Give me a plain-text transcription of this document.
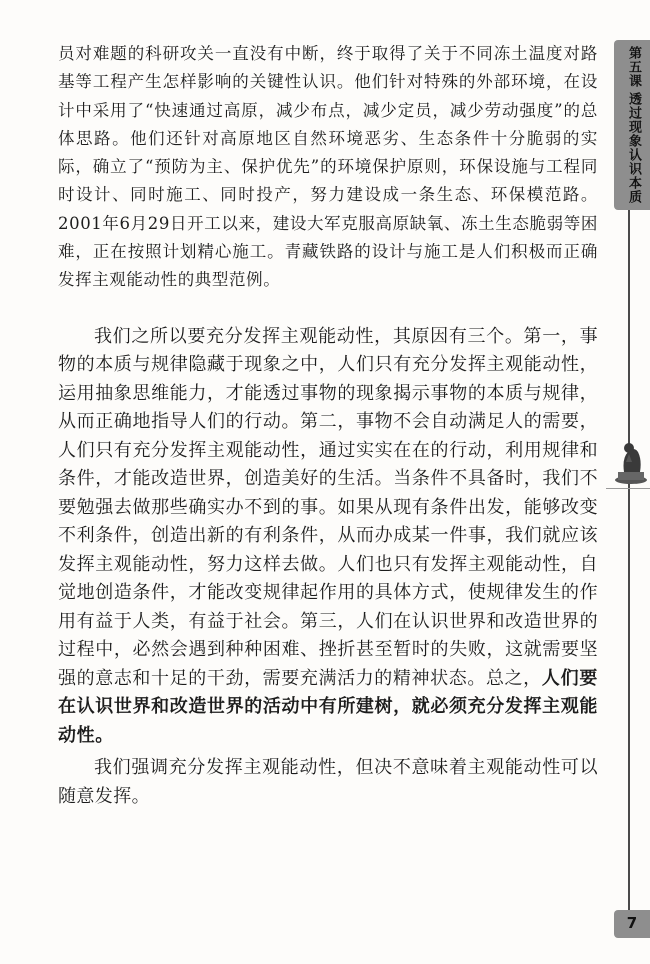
员对难题的科研攻关一直没有中断，终于取得了关于不同冻土温度对路基等工程产生怎样影响的关键性认识。他们针对特殊的外部环境，在设计中采用了“快速通过高原，减少布点，减少定员，减少劳动强度”的总体思路。他们还针对高原地区自然环境恶劣、生态条件十分脆弱的实际，确立了“预防为主、保护优先”的环境保护原则，环保设施与工程同时设计、同时施工、同时投产，努力建设成一条生态、环保模范路。2001年6月29日开工以来，建设大军克服高原缺氧、冻土生态脆弱等困难，正在按照计划精心施工。青藏铁路的设计与施工是人们积极而正确发挥主观能动性的典型范例。

我们之所以要充分发挥主观能动性，其原因有三个。第一，事物的本质与规律隐藏于现象之中，人们只有充分发挥主观能动性，运用抽象思维能力，才能透过事物的现象揭示事物的本质与规律，从而正确地指导人们的行动。第二，事物不会自动满足人的需要，人们只有充分发挥主观能动性，通过实实在在的行动，利用规律和条件，才能改造世界，创造美好的生活。当条件不具备时，我们不要勉强去做那些确实办不到的事。如果从现有条件出发，能够改变不利条件，创造出新的有利条件，从而办成某一件事，我们就应该发挥主观能动性，努力这样去做。人们也只有发挥主观能动性，自觉地创造条件，才能改变规律起作用的具体方式，使规律发生的作用有益于人类，有益于社会。第三，人们在认识世界和改造世界的过程中，必然会遇到种种困难、挫折甚至暂时的失败，这就需要坚强的意志和十足的干劲，需要充满活力的精神状态。总之，人们要在认识世界和改造世界的活动中有所建树，就必须充分发挥主观能动性。

我们强调充分发挥主观能动性，但决不意味着主观能动性可以随意发挥。

第五课
透过现象认识本质
7
